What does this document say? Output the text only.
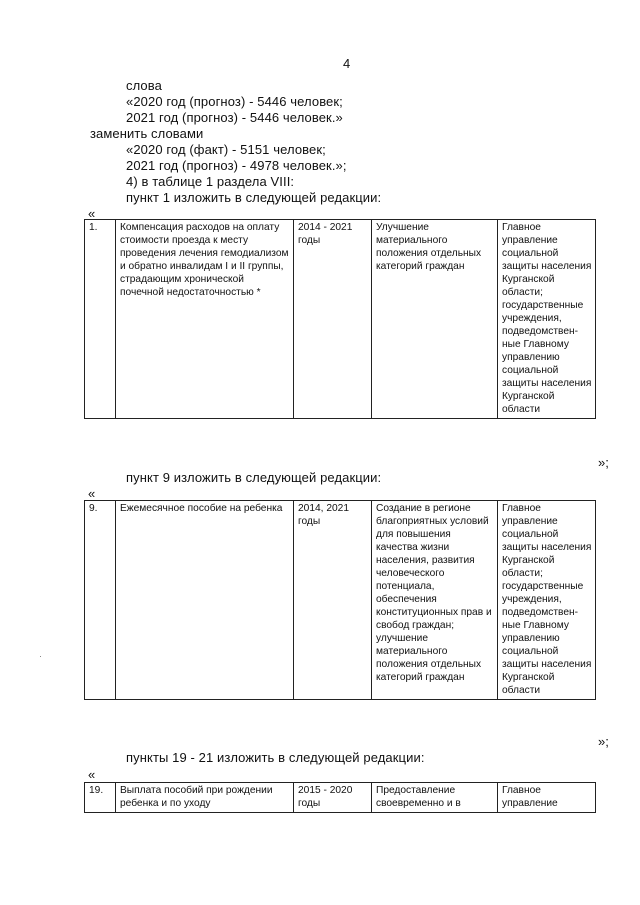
4
слова
«2020 год (прогноз) - 5446 человек;
2021 год (прогноз) - 5446 человек.»
заменить словами
«2020 год (факт) - 5151 человек;
2021 год (прогноз) - 4978 человек.»;
4) в таблице 1 раздела VIII:
пункт 1 изложить в следующей редакции:
«
1.	Компенсация расходов на оплату стоимости проезда к месту проведения лечения гемодиализом и обратно инвалидам I и II группы, страдающим хронической почечной недостаточностью *	2014 - 2021 годы	Улучшение материального положения отдельных категорий граждан	Главное управление социальной защиты населения Курганской области; государственные учреждения, подведомствен-ные Главному управлению социальной защиты населения Курганской области
»;
пункт 9 изложить в следующей редакции:
«
9.	Ежемесячное пособие на ребенка	2014, 2021 годы	Создание в регионе благоприятных условий для повышения качества жизни населения, развития человеческого потенциала, обеспечения конституционных прав и свобод граждан; улучшение материального положения отдельных категорий граждан	Главное управление социальной защиты населения Курганской области; государственные учреждения, подведомствен-ные Главному управлению социальной защиты населения Курганской области
»;
пункты 19 - 21 изложить в следующей редакции:
«
19.	Выплата пособий при рождении ребенка и по уходу	2015 - 2020 годы	Предоставление своевременно и в	Главное управление
